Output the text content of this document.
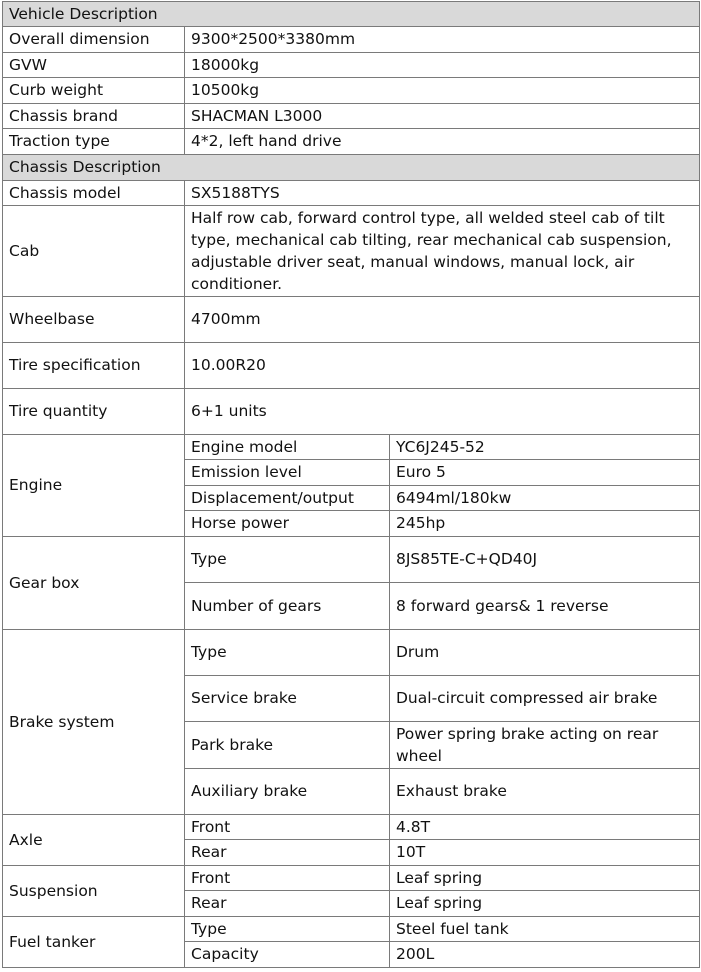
Vehicle Description		
Overall dimension	9300*2500*3380mm	
GVW	18000kg	
Curb weight	10500kg	
Chassis brand	SHACMAN L3000	
Traction type	4*2, left hand drive	
Chassis Description		
Chassis model	SX5188TYS	
Cab	Half row cab, forward control type, all welded steel cab of tilt type, mechanical cab tilting, rear mechanical cab suspension, adjustable driver seat, manual windows, manual lock, air conditioner.	
Wheelbase	4700mm	
Tire specification	10.00R20	
Tire quantity	6+1 units	
Engine	Engine model	YC6J245-52
	Emission level	Euro 5
	Displacement/output	6494ml/180kw
	Horse power	245hp
Gear box	Type	8JS85TE-C+QD40J
	Number of gears	8 forward gears& 1 reverse
Brake system	Type	Drum
	Service brake	Dual-circuit compressed air brake
	Park brake	Power spring brake acting on rear wheel
	Auxiliary brake	Exhaust brake
Axle	Front	4.8T
	Rear	10T
Suspension	Front	Leaf spring
	Rear	Leaf spring
Fuel tanker	Type	Steel fuel tank
	Capacity	200L
